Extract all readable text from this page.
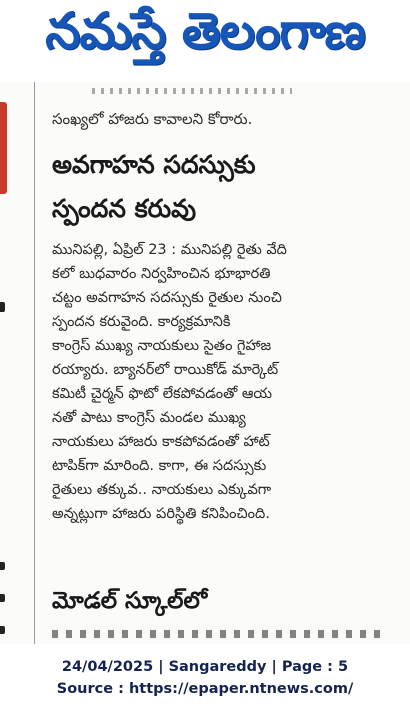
నమస్తే తెలంగాణ
సంఖ్యలో హాజరు కావాలని కోరారు.
అవగాహన సదస్సుకు
స్పందన కరువు
మునిపల్లి, ఏప్రిల్ 23 : మునిపల్లి రైతు వేది
కలో బుధవారం నిర్వహించిన భూభారతి
చట్టం అవగాహన సదస్సుకు రైతుల నుంచి
స్పందన కరువైంది. కార్యక్రమానికి
కాంగ్రెస్ ముఖ్య నాయకులు సైతం గైహాజ
రయ్యారు. బ్యానర్‌లో రాయికోడ్ మార్కెట్
కమిటీ చైర్మన్ ఫొటో లేకపోవడంతో ఆయ
నతో పాటు కాంగ్రెస్ మండల ముఖ్య
నాయకులు హాజరు కాకపోవడంతో హాట్
టాపిక్‌గా మారింది. కాగా, ఈ సదస్సుకు
రైతులు తక్కువ.. నాయకులు ఎక్కువగా
అన్నట్లుగా హాజరు పరిస్థితి కనిపించింది.
మోడల్ స్కూల్‌లో
24/04/2025 | Sangareddy | Page : 5
Source : https://epaper.ntnews.com/
